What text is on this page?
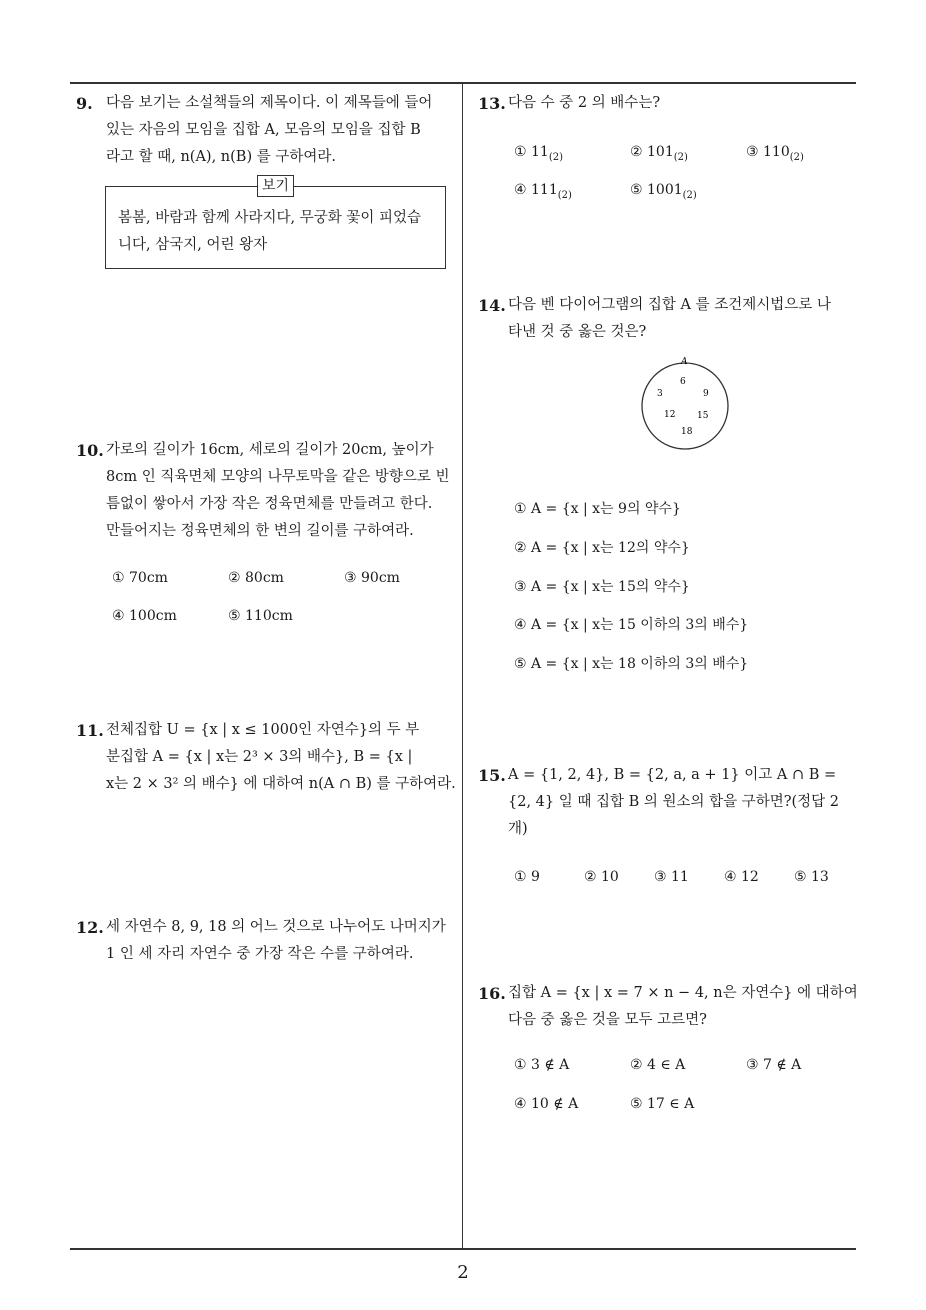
9. 다음 보기는 소설책들의 제목이다. 이 제목들에 들어
있는 자음의 모임을 집합 A, 모음의 모임을 집합 B
라고 할 때, n(A), n(B) 를 구하여라.
보기
봄봄, 바람과 함께 사라지다, 무궁화 꽃이 피었습
니다, 삼국지, 어린 왕자
10. 가로의 길이가 16cm, 세로의 길이가 20cm, 높이가
8cm 인 직육면체 모양의 나무토막을 같은 방향으로 빈
틈없이 쌓아서 가장 작은 정육면체를 만들려고 한다.
만들어지는 정육면체의 한 변의 길이를 구하여라.
① 70cm	② 80cm	③ 90cm
④ 100cm	⑤ 110cm
11. 전체집합 U = {x | x ≤ 1000인 자연수}의 두 부
분집합 A = {x | x는 2³ × 3의 배수}, B = {x |
x는 2 × 3² 의 배수} 에 대하여 n(A ∩ B) 를 구하여라.
12. 세 자연수 8, 9, 18 의 어느 것으로 나누어도 나머지가
1 인 세 자리 자연수 중 가장 작은 수를 구하여라.
13. 다음 수 중 2 의 배수는?
① $11_{(2)}$	② $101_{(2)}$	③ $110_{(2)}$
④ $111_{(2)}$	⑤ $1001_{(2)}$
14. 다음 벤 다이어그램의 집합 A 를 조건제시법으로 나
타낸 것 중 옳은 것은?
A
6
3	9
12 15
18
① A = {x | x는 9의 약수}
② A = {x | x는 12의 약수}
③ A = {x | x는 15의 약수}
④ A = {x | x는 15 이하의 3의 배수}
⑤ A = {x | x는 18 이하의 3의 배수}
15. A = {1, 2, 4}, B = {2, a, a + 1} 이고 A ∩ B =
{2, 4} 일 때 집합 B 의 원소의 합을 구하면?(정답 2
개)
① 9	② 10	③ 11	④ 12	⑤ 13
16. 집합 A = {x | x = 7 × n − 4, n은 자연수} 에 대하여
다음 중 옳은 것을 모두 고르면?
① 3 ∉ A	② 4 ∈ A	③ 7 ∉ A
④ 10 ∉ A	⑤ 17 ∈ A
2
